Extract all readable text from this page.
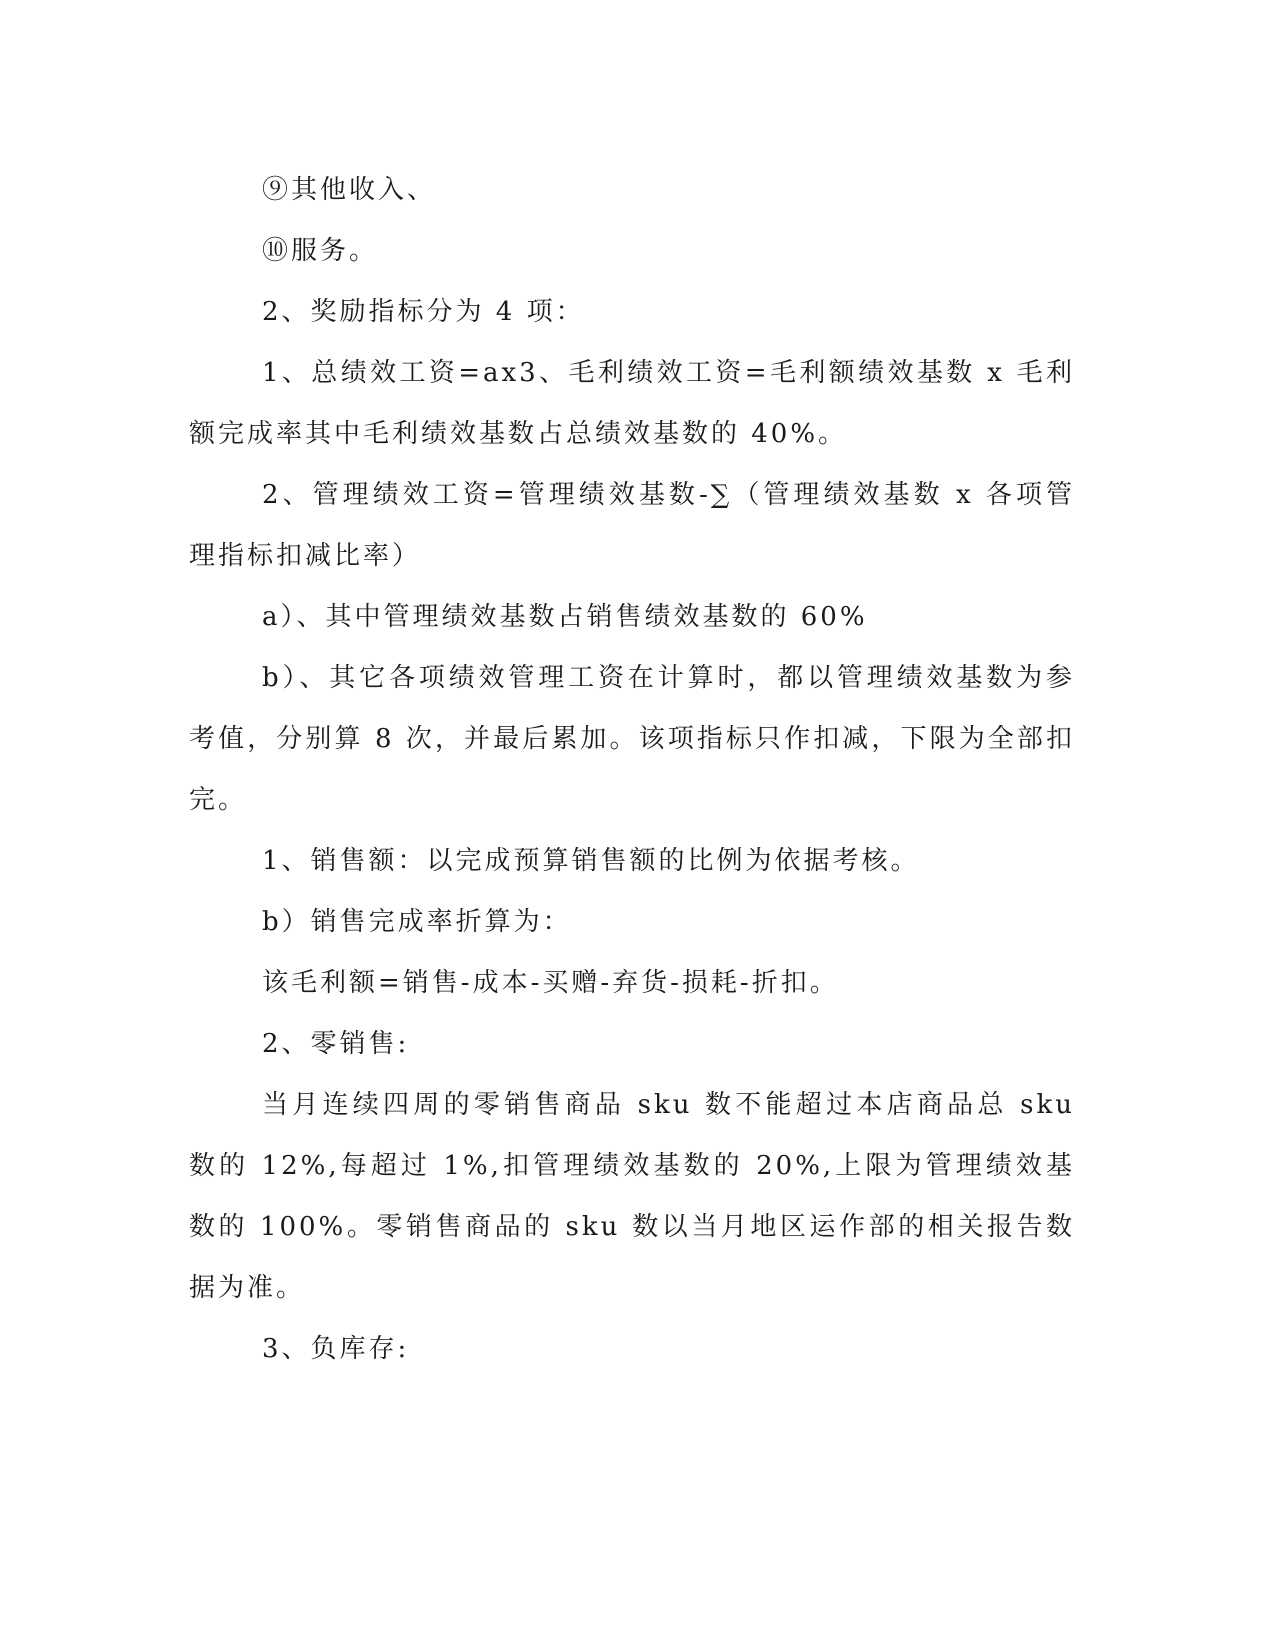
⑨其他收入、

⑩服务。

2、奖励指标分为 4 项：

1、总绩效工资=ax3、毛利绩效工资=毛利额绩效基数 x 毛利额完成率其中毛利绩效基数占总绩效基数的 40%。

2、管理绩效工资=管理绩效基数-∑（管理绩效基数 x 各项管理指标扣减比率）

a）、其中管理绩效基数占销售绩效基数的 60%

b）、其它各项绩效管理工资在计算时，都以管理绩效基数为参考值，分别算 8 次，并最后累加。该项指标只作扣减，下限为全部扣完。

1、销售额：以完成预算销售额的比例为依据考核。

b）销售完成率折算为：

该毛利额=销售-成本-买赠-弃货-损耗-折扣。

2、零销售:

当月连续四周的零销售商品 sku 数不能超过本店商品总 sku 数的 12%,每超过 1%,扣管理绩效基数的 20%,上限为管理绩效基数的 100%。零销售商品的 sku 数以当月地区运作部的相关报告数据为准。

3、负库存:
